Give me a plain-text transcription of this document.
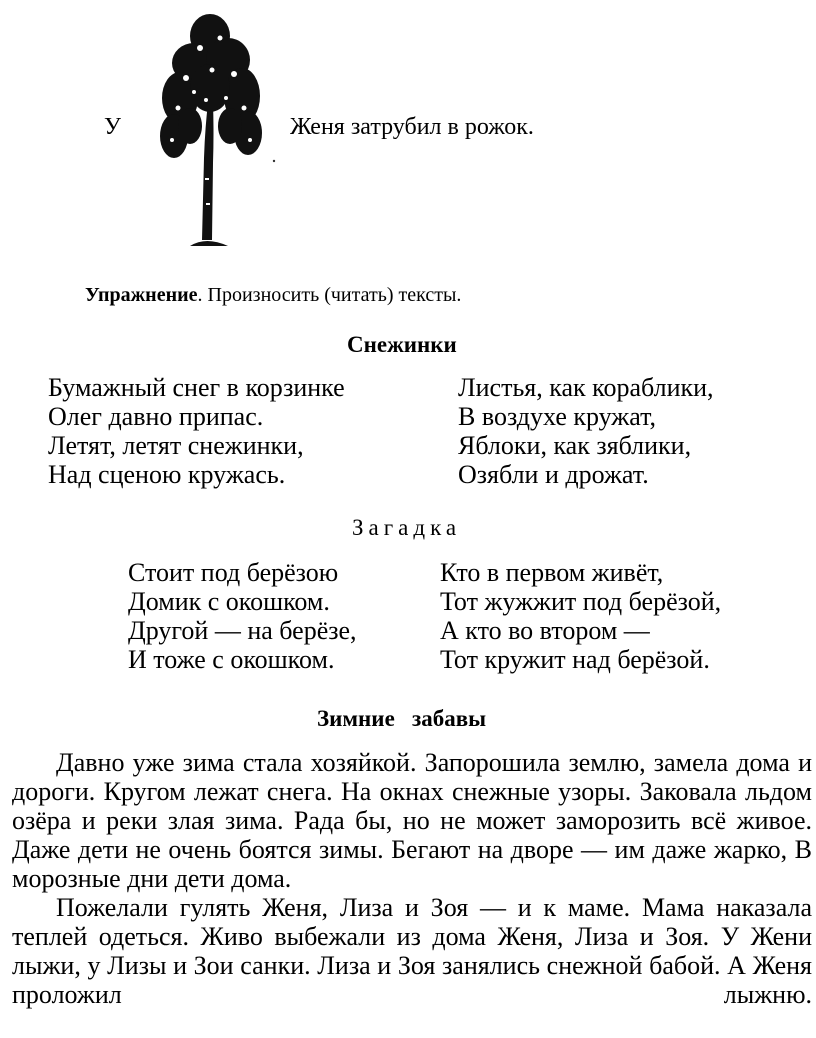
У	Женя затрубил в рожок.
Упражнение. Произносить (читать) тексты.
Снежинки
Бумажный снег в корзинке
Олег давно припас.
Летят, летят снежинки,
Над сценою кружась.
Листья, как кораблики,
В воздухе кружат,
Яблоки, как зяблики,
Озябли и дрожат.
Загадка
Стоит под берёзою
Домик с окошком.
Другой — на берёзе,
И тоже с окошком.
Кто в первом живёт,
Тот жужжит под берёзой,
А кто во втором —
Тот кружит над берёзой.
Зимние   забавы

Давно уже зима стала хозяйкой. Запорошила землю, замела дома и дороги. Кругом лежат снега. На окнах снежные узоры. Заковала льдом озёра и реки злая зима. Рада бы, но не может заморозить всё живое. Даже дети не очень боятся зимы. Бегают на дворе — им даже жарко, В морозные дни дети дома.

Пожелали гулять Женя, Лиза и Зоя — и к маме. Мама наказала теплей одеться. Живо выбежали из дома Женя, Лиза и Зоя. У Жени лыжи, у Лизы и Зои санки. Лиза и Зоя занялись снежной бабой. А Женя проложил лыжню.
